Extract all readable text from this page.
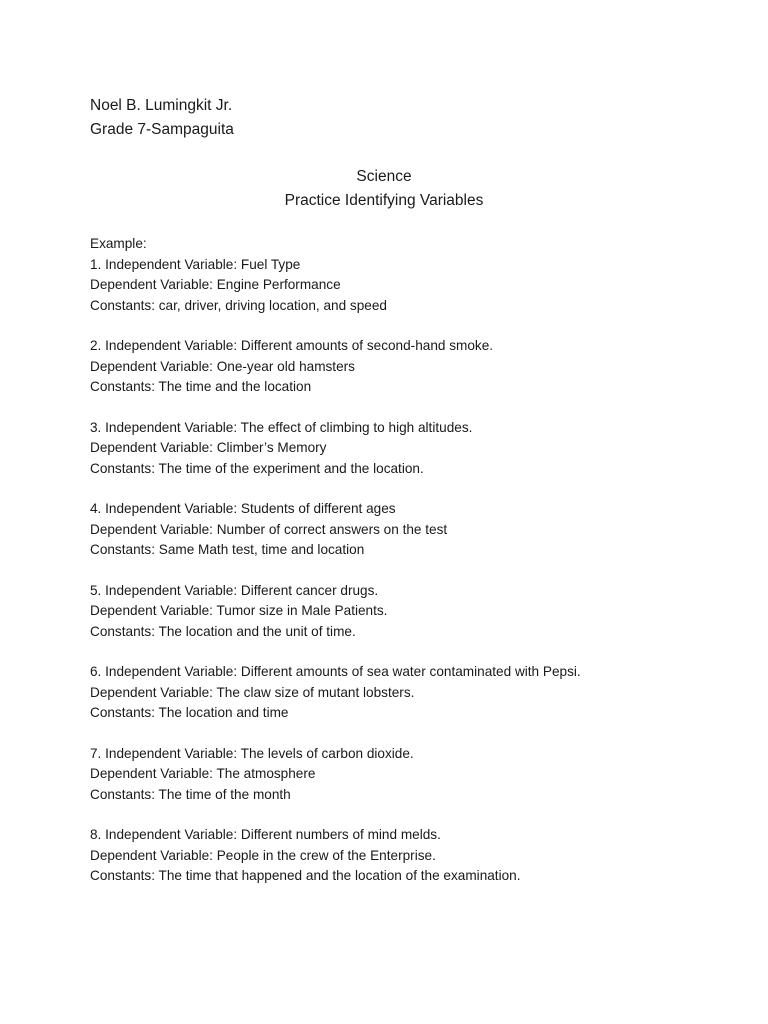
Noel B. Lumingkit Jr.
Grade 7-Sampaguita
Science
Practice Identifying Variables
Example:
1. Independent Variable: Fuel Type
Dependent Variable: Engine Performance
Constants: car, driver, driving location, and speed
2. Independent Variable: Different amounts of second-hand smoke.
Dependent Variable: One-year old hamsters
Constants: The time and the location
3. Independent Variable: The effect of climbing to high altitudes.
Dependent Variable: Climber’s Memory
Constants: The time of the experiment and the location.
4. Independent Variable: Students of different ages
Dependent Variable: Number of correct answers on the test
Constants: Same Math test, time and location
5. Independent Variable: Different cancer drugs.
Dependent Variable: Tumor size in Male Patients.
Constants: The location and the unit of time.
6. Independent Variable: Different amounts of sea water contaminated with Pepsi.
Dependent Variable: The claw size of mutant lobsters.
Constants: The location and time
7. Independent Variable: The levels of carbon dioxide.
Dependent Variable: The atmosphere
Constants: The time of the month
8. Independent Variable: Different numbers of mind melds.
Dependent Variable: People in the crew of the Enterprise.
Constants: The time that happened and the location of the examination.
